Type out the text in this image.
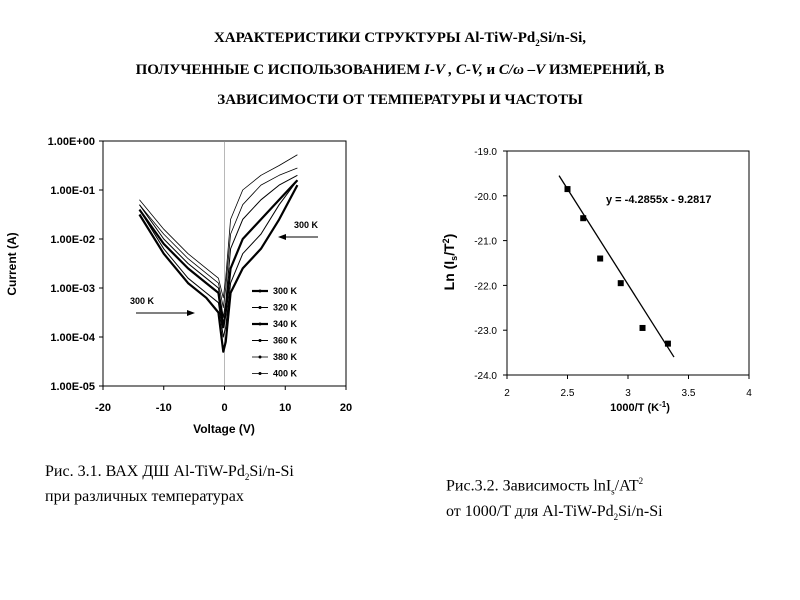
ХАРАКТЕРИСТИКИ СТРУКТУРЫ $Al-TiW-Pd_2Si/n-Si$,
ПОЛУЧЕННЫЕ С ИСПОЛЬЗОВАНИЕМ I-V , C-V, и C/ω –V ИЗМЕРЕНИЙ, В
ЗАВИСИМОСТИ ОТ ТЕМПЕРАТУРЫ И ЧАСТОТЫ
1.00E-05
1.00E-04
1.00E-03
1.00E-02
1.00E-01
1.00E+00
-20	-10	0	10	20
Current (A)
Voltage (V)
300 K
300 K
300 K
320 K
340 K
360 K
380 K
400 K
-19.0
-20.0
-21.0
-22.0
-23.0
-24.0
2	2.5	3	3.5	4
y = -4.2855x - 9.2817
1000/T $(K^{-1})$
Ln $(I_s/T^2)$
Рис. 3.1. ВАХ ДШ $Al-TiW-Pd_2Si/n-Si$
при различных температурах
Рис.3.2. Зависимость $\ln I_s/AT^2$
от 1000/T для $Al-TiW-Pd_2Si/n-Si$
